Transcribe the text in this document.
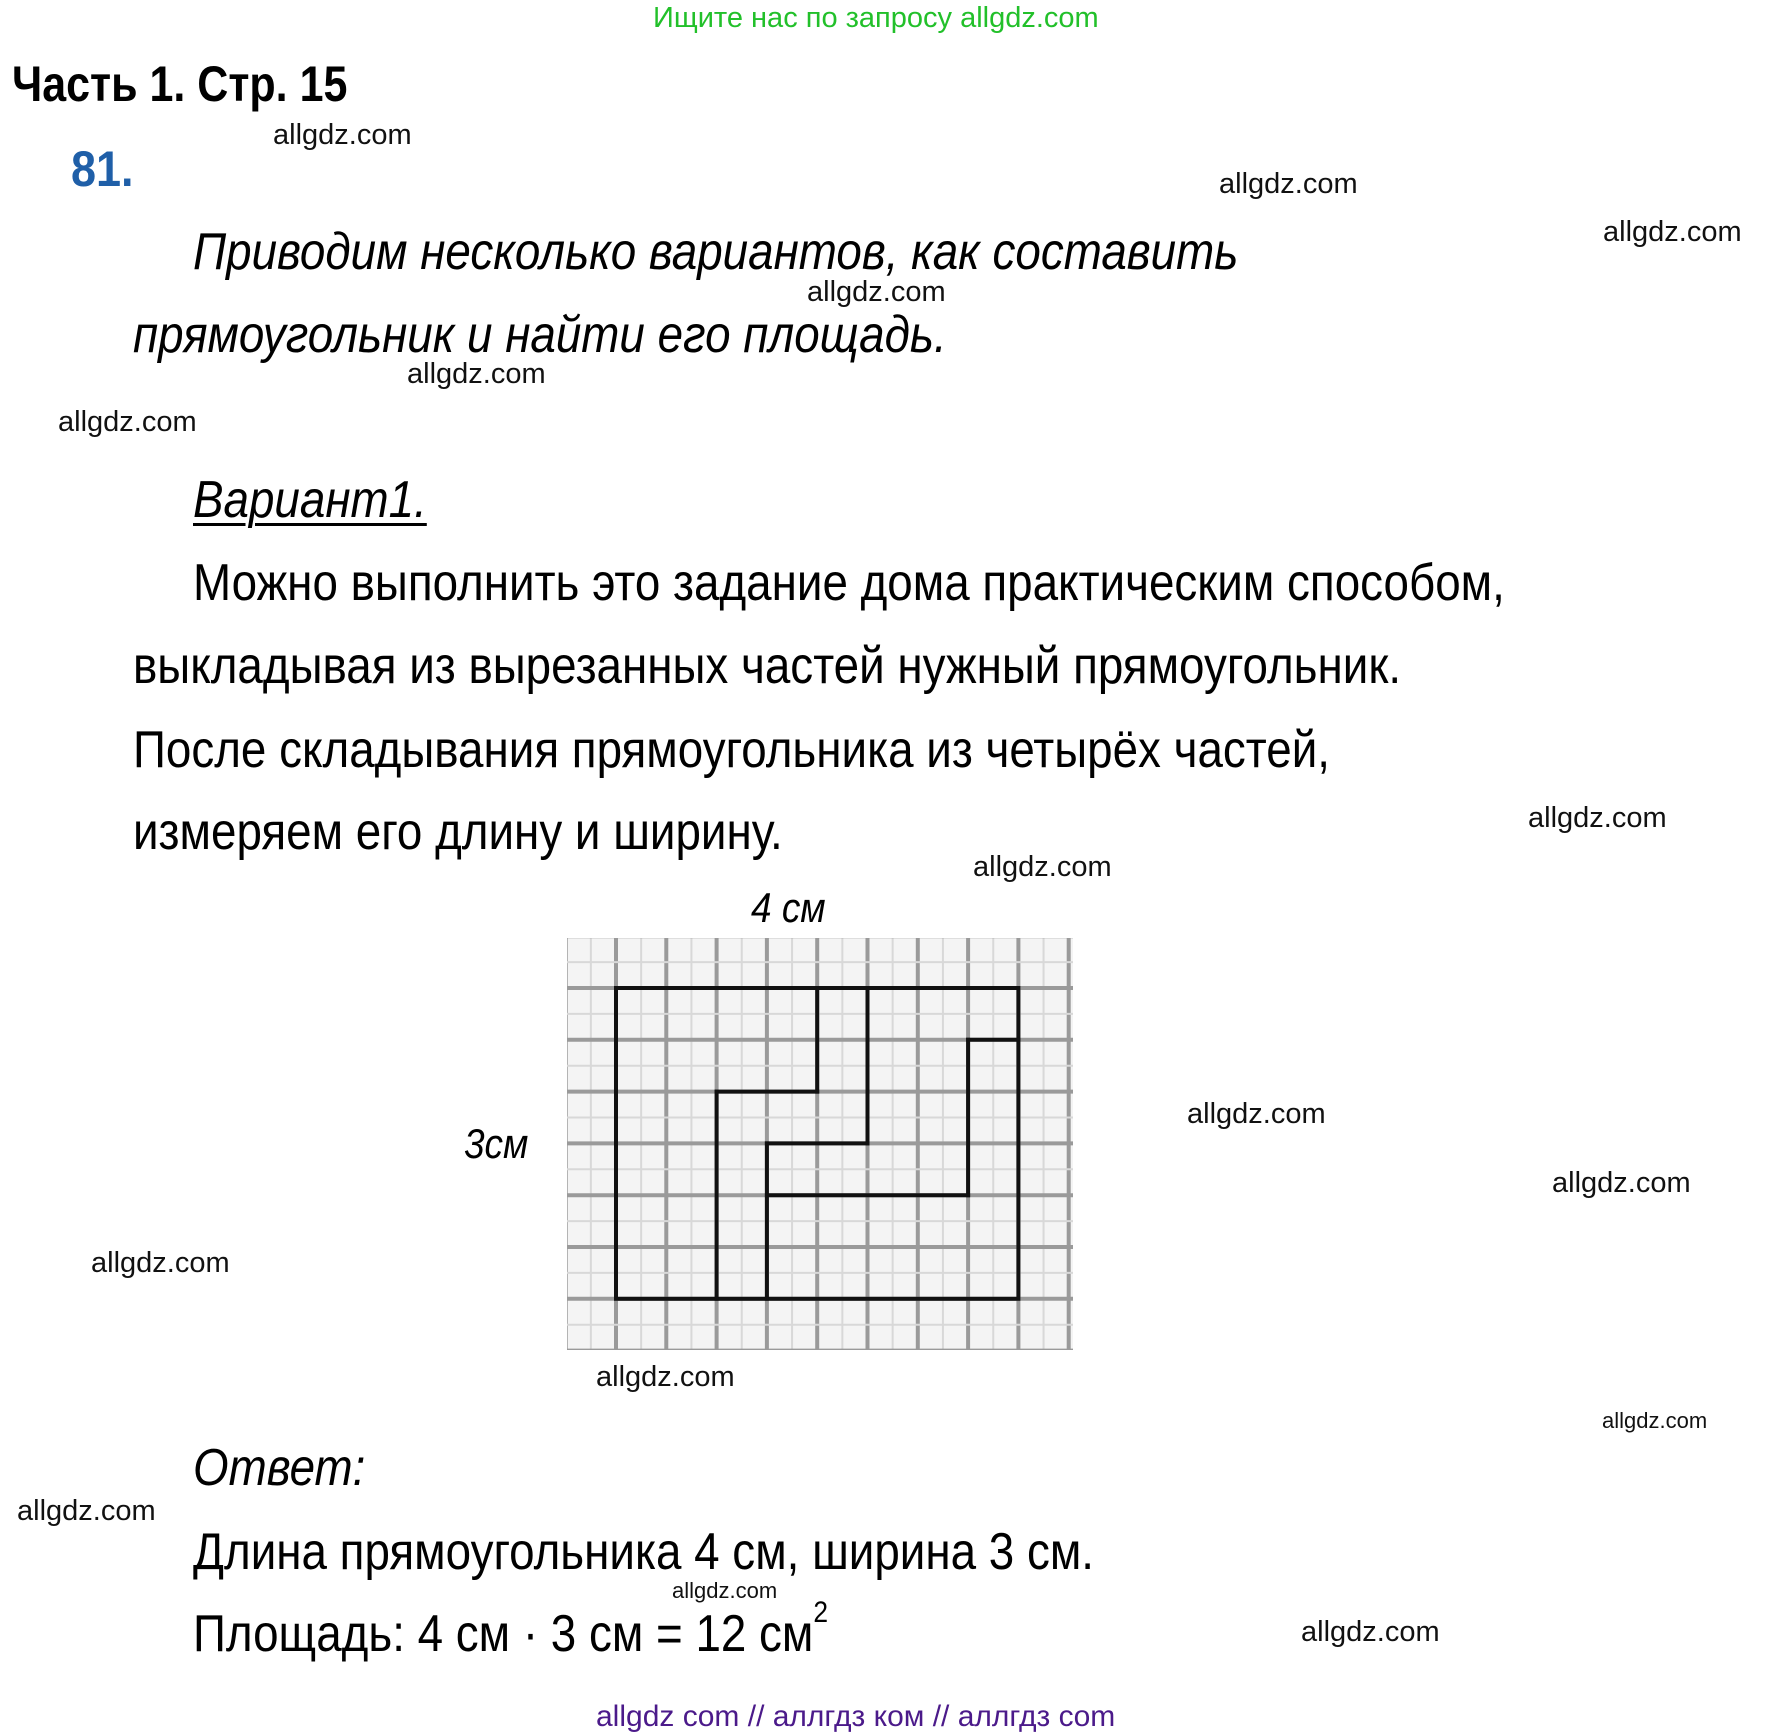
Ищите нас по запросу allgdz.com
Часть 1. Стр. 15
81.
Приводим несколько вариантов, как составить
прямоугольник и найти его площадь.
Вариант1.
Можно выполнить это задание дома практическим способом,
выкладывая из вырезанных частей нужный прямоугольник.
После складывания прямоугольника из четырёх частей,
измеряем его длину и ширину.
4 см
3см
Ответ:
Длина прямоугольника 4 см, ширина 3 см.
Площадь: 4 см · 3 см = 12 $см^2$
allgdz com // аллгдз ком // аллгдз com
allgdz.com
allgdz.com
allgdz.com
allgdz.com
allgdz.com
allgdz.com
allgdz.com
allgdz.com
allgdz.com
allgdz.com
allgdz.com
allgdz.com
allgdz.com
allgdz.com
allgdz.com
allgdz.com
